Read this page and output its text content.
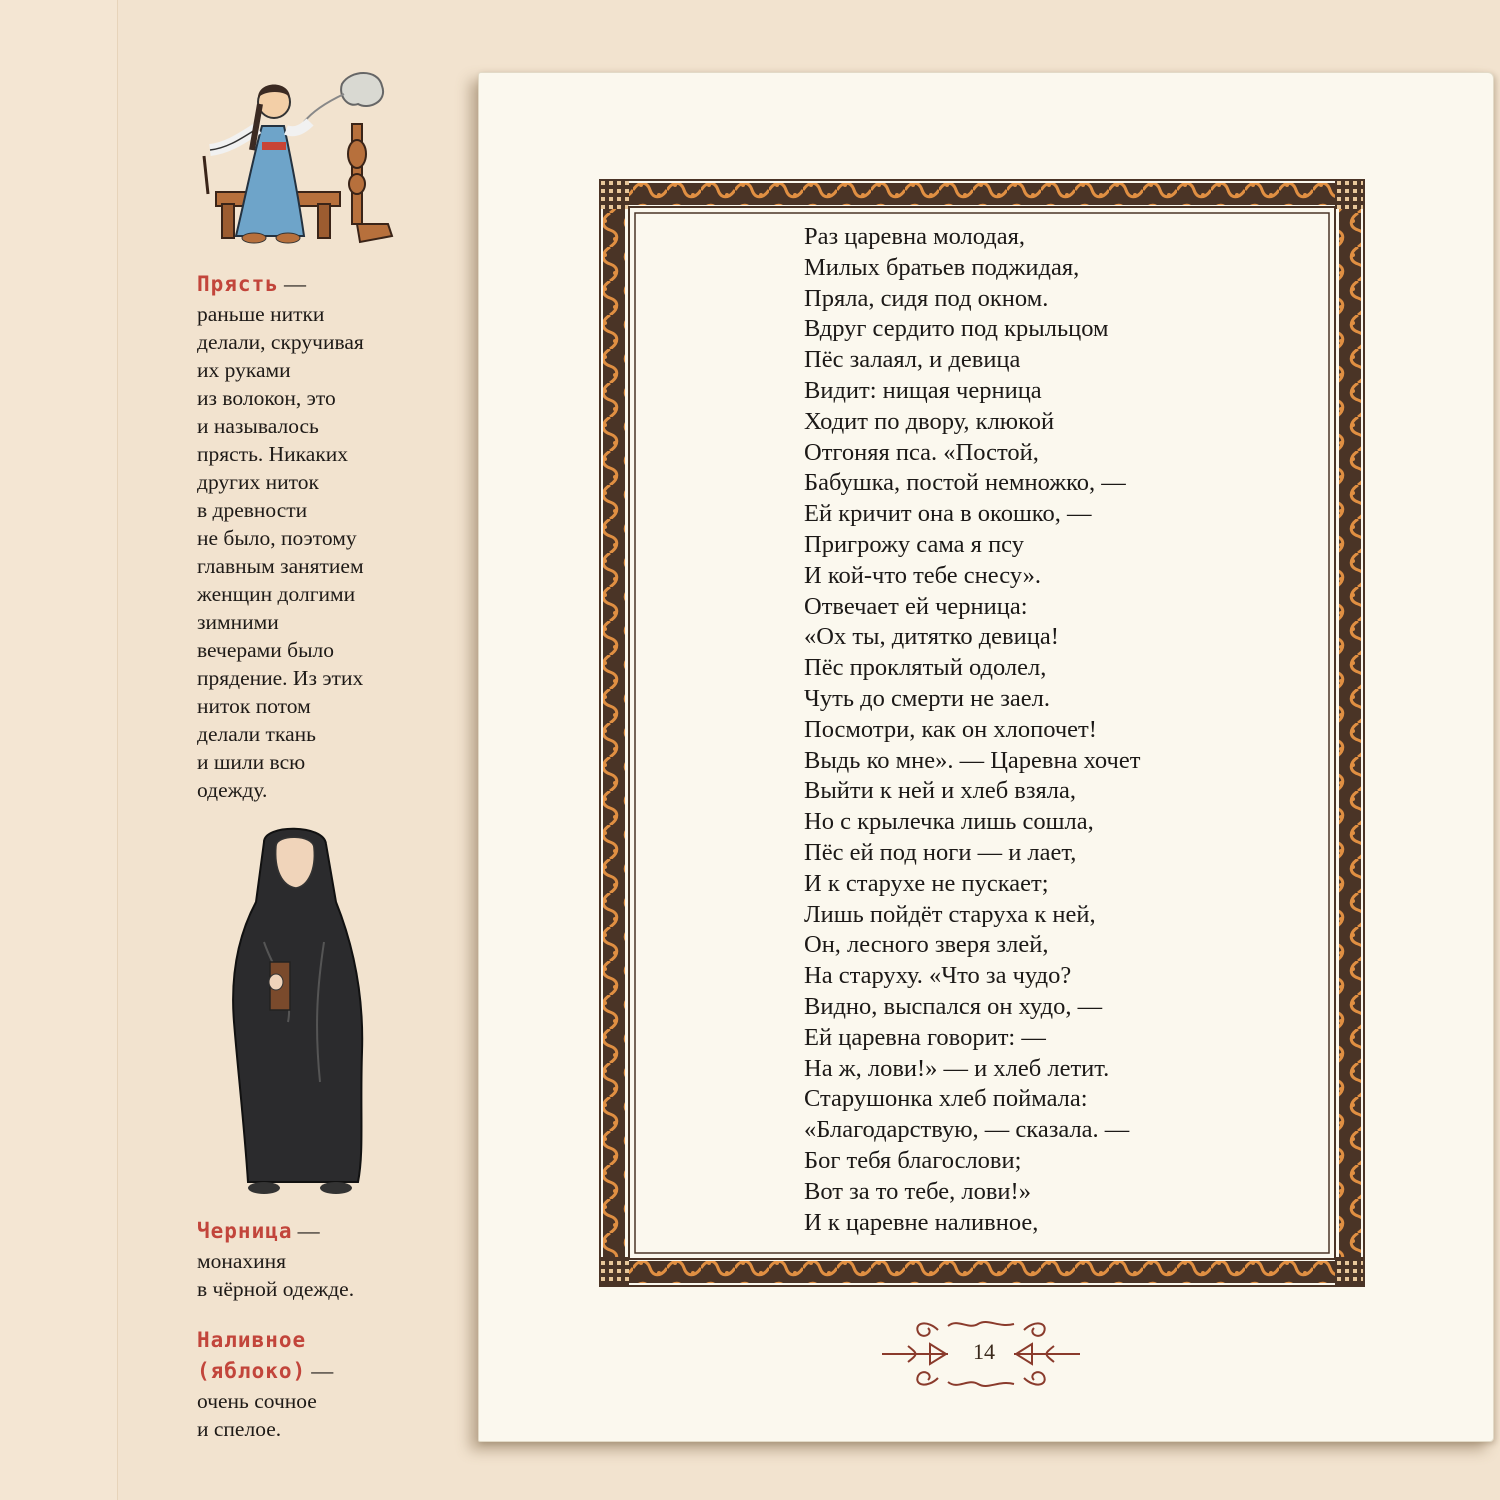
Прясть —
раньше нитки
делали, скручивая
их руками
из волокон, это
и называлось
прясть. Никаких
других ниток
в древности
не было, поэтому
главным занятием
женщин долгими
зимними
вечерами было
прядение. Из этих
ниток потом
делали ткань
и шили всю
одежду.
Черница —
монахиня
в чёрной одежде.
Наливное
(яблоко) —
очень сочное
и спелое.
Раз царевна молодая,
Милых братьев поджидая,
Пряла, сидя под окном.
Вдруг сердито под крыльцом
Пёс залаял, и девица
Видит: нищая черница
Ходит по двору, клюкой
Отгоняя пса. «Постой,
Бабушка, постой немножко, —
Ей кричит она в окошко, —
Пригрожу сама я псу
И кой-что тебе снесу».
Отвечает ей черница:
«Ох ты, дитятко девица!
Пёс проклятый одолел,
Чуть до смерти не заел.
Посмотри, как он хлопочет!
Выдь ко мне». — Царевна хочет
Выйти к ней и хлеб взяла,
Но с крылечка лишь сошла,
Пёс ей под ноги — и лает,
И к старухе не пускает;
Лишь пойдёт старуха к ней,
Он, лесного зверя злей,
На старуху. «Что за чудо?
Видно, выспался он худо, —
Ей царевна говорит: —
На ж, лови!» — и хлеб летит.
Старушонка хлеб поймала:
«Благодарствую, — сказала. —
Бог тебя благослови;
Вот за то тебе, лови!»
И к царевне наливное,
14
